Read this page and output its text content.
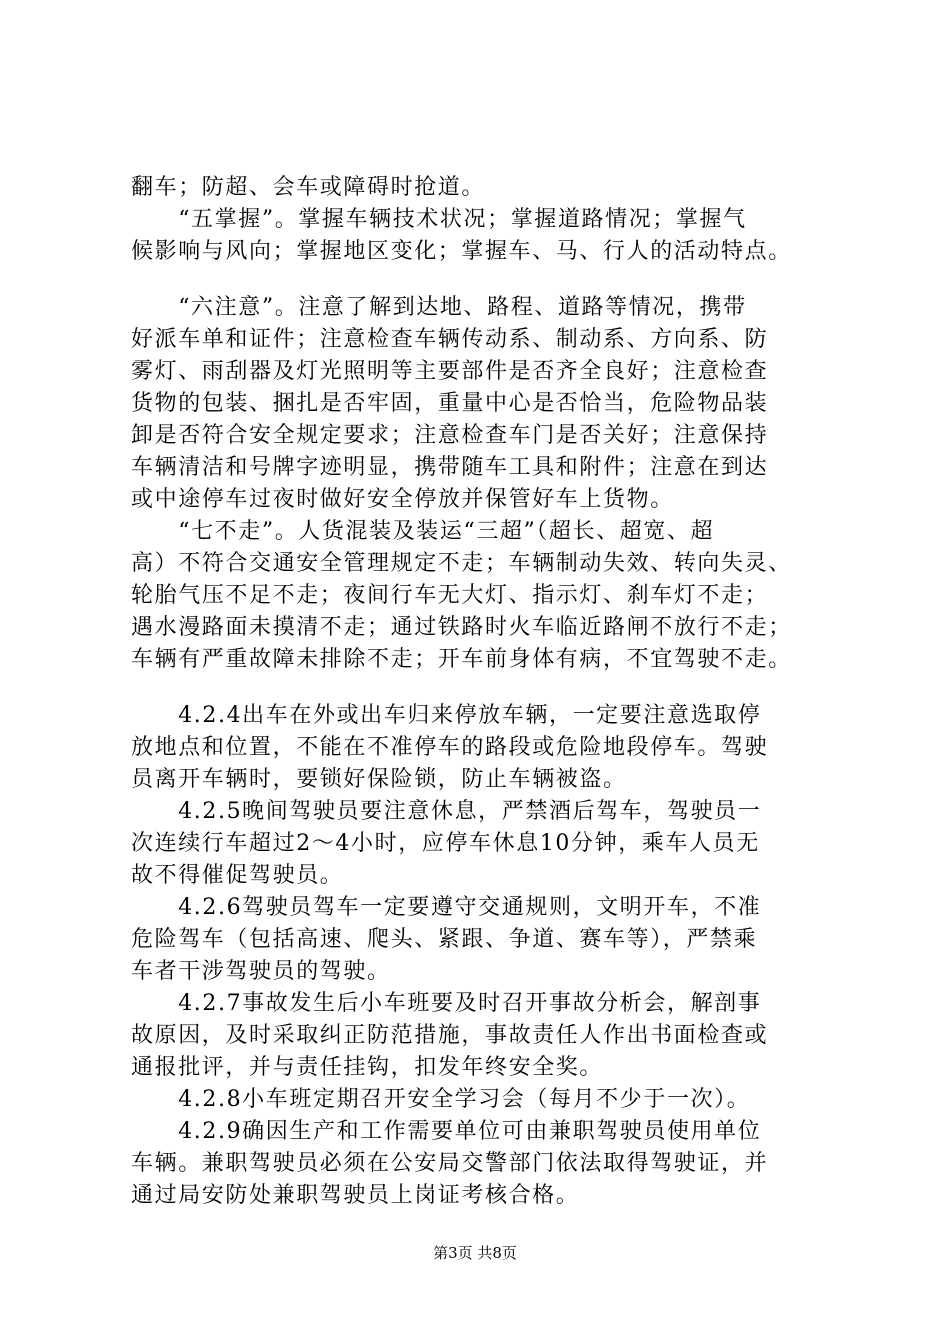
翻车；防超、会车或障碍时抢道。
　　“五掌握”。掌握车辆技术状况；掌握道路情况；掌握气
候影响与风向；掌握地区变化；掌握车、马、行人的活动特点。
　　“六注意”。注意了解到达地、路程、道路等情况，携带
好派车单和证件；注意检查车辆传动系、制动系、方向系、防
雾灯、雨刮器及灯光照明等主要部件是否齐全良好；注意检查
货物的包装、捆扎是否牢固，重量中心是否恰当，危险物品装
卸是否符合安全规定要求；注意检查车门是否关好；注意保持
车辆清洁和号牌字迹明显，携带随车工具和附件；注意在到达
或中途停车过夜时做好安全停放并保管好车上货物。
　　“七不走”。人货混装及装运“三超”（超长、超宽、超
高）不符合交通安全管理规定不走；车辆制动失效、转向失灵、
轮胎气压不足不走；夜间行车无大灯、指示灯、刹车灯不走；
遇水漫路面未摸清不走；通过铁路时火车临近路闸不放行不走；
车辆有严重故障未排除不走；开车前身体有病，不宜驾驶不走。
　　4.2.4出车在外或出车归来停放车辆，一定要注意选取停
放地点和位置，不能在不准停车的路段或危险地段停车。驾驶
员离开车辆时，要锁好保险锁，防止车辆被盗。
　　4.2.5晚间驾驶员要注意休息，严禁酒后驾车，驾驶员一
次连续行车超过2～4小时，应停车休息10分钟，乘车人员无
故不得催促驾驶员。
　　4.2.6驾驶员驾车一定要遵守交通规则，文明开车，不准
危险驾车（包括高速、爬头、紧跟、争道、赛车等），严禁乘
车者干涉驾驶员的驾驶。
　　4.2.7事故发生后小车班要及时召开事故分析会，解剖事
故原因，及时采取纠正防范措施，事故责任人作出书面检查或
通报批评，并与责任挂钩，扣发年终安全奖。
　　4.2.8小车班定期召开安全学习会（每月不少于一次）。
　　4.2.9确因生产和工作需要单位可由兼职驾驶员使用单位
车辆。兼职驾驶员必须在公安局交警部门依法取得驾驶证，并
通过局安防处兼职驾驶员上岗证考核合格。
第3页 共8页
